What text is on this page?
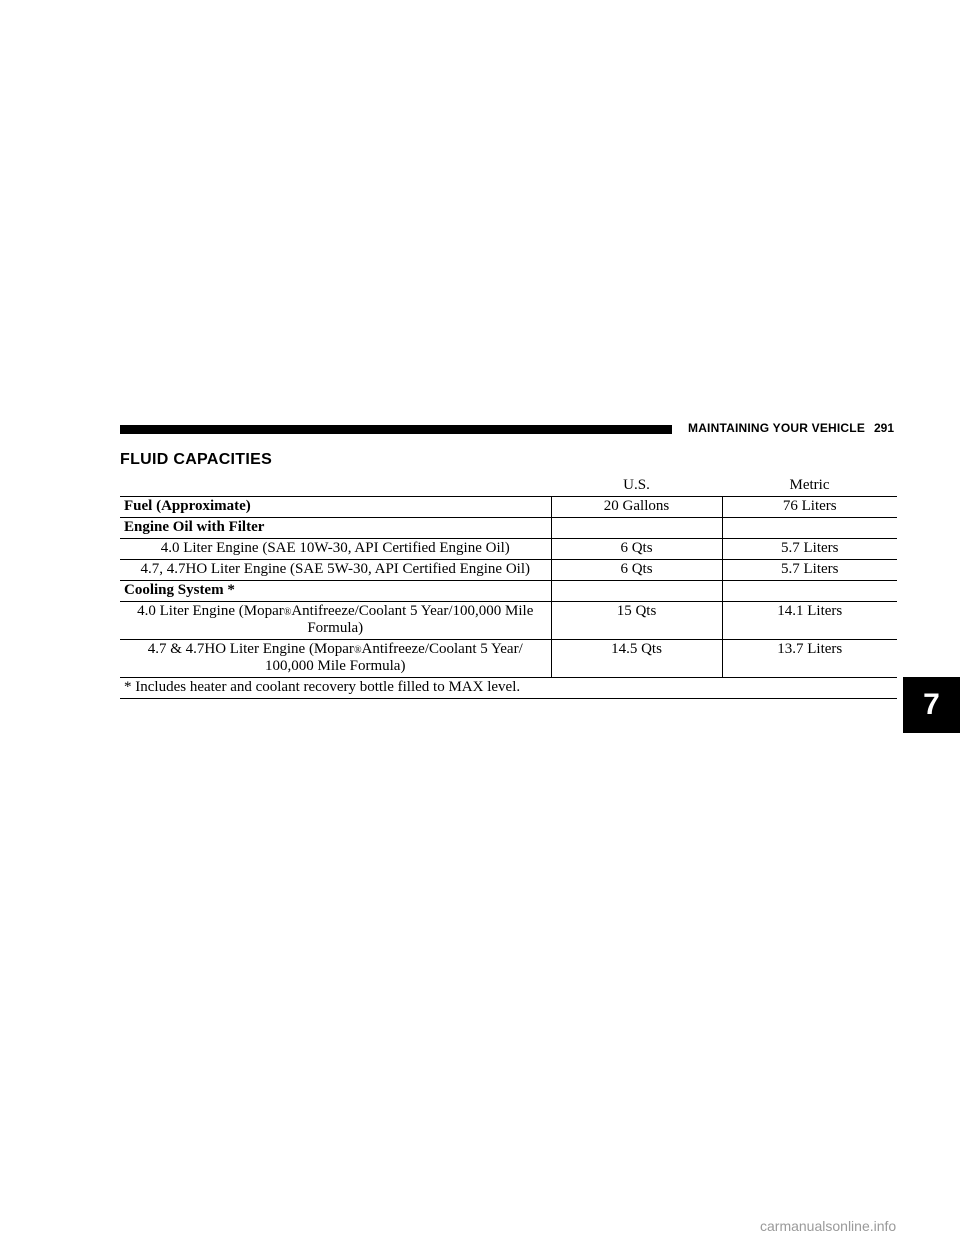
MAINTAINING YOUR VEHICLE 291
FLUID CAPACITIES
	U.S.	Metric
Fuel (Approximate)	20 Gallons	76 Liters
Engine Oil with Filter		
4.0 Liter Engine (SAE 10W-30, API Certified Engine Oil)	6 Qts	5.7 Liters
4.7, 4.7HO Liter Engine (SAE 5W-30, API Certified Engine Oil)	6 Qts	5.7 Liters
Cooling System *		
4.0 Liter Engine (Mopar®Antifreeze/Coolant 5 Year/100,000 Mile Formula)	15 Qts	14.1 Liters
4.7 & 4.7HO Liter Engine (Mopar®Antifreeze/Coolant 5 Year/ 100,000 Mile Formula)	14.5 Qts	13.7 Liters
* Includes heater and coolant recovery bottle filled to MAX level.		
7
carmanualsonline.info
